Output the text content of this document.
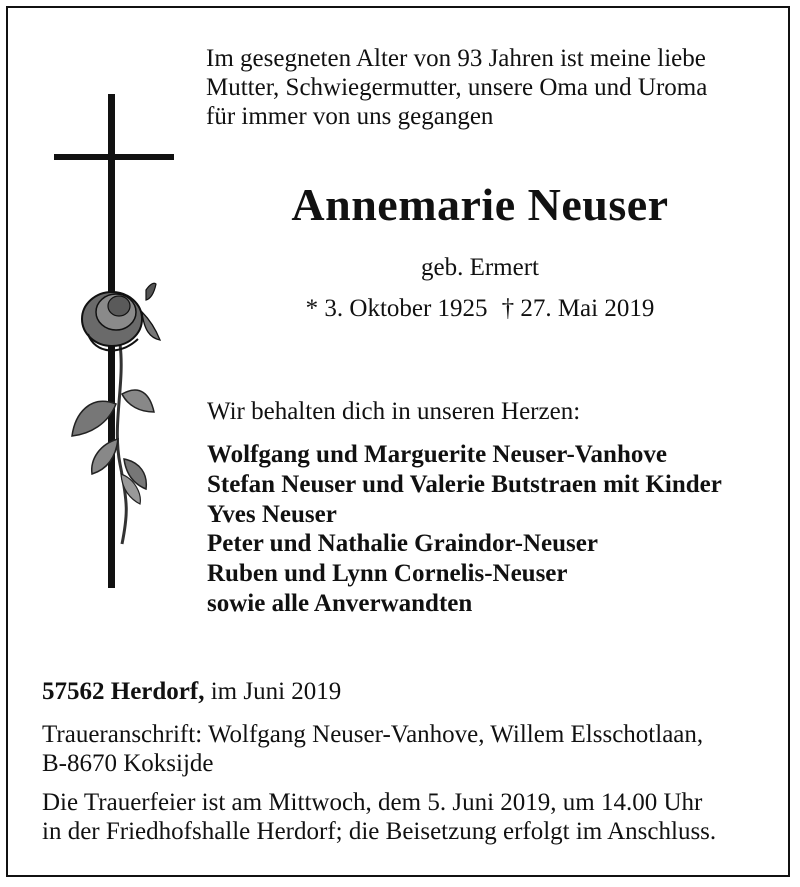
Im gesegneten Alter von 93 Jahren ist meine liebe
Mutter, Schwiegermutter, unsere Oma und Uroma
für immer von uns gegangen
Annemarie Neuser
geb. Ermert
* 3. Oktober 1925 † 27. Mai 2019
Wir behalten dich in unseren Herzen:
Wolfgang und Marguerite Neuser-Vanhove
Stefan Neuser und Valerie Butstraen mit Kinder
Yves Neuser
Peter und Nathalie Graindor-Neuser
Ruben und Lynn Cornelis-Neuser
sowie alle Anverwandten
57562 Herdorf, im Juni 2019
Traueranschrift: Wolfgang Neuser-Vanhove, Willem Elsschotlaan,
B-8670 Koksijde
Die Trauerfeier ist am Mittwoch, dem 5. Juni 2019, um 14.00 Uhr
in der Friedhofshalle Herdorf; die Beisetzung erfolgt im Anschluss.
